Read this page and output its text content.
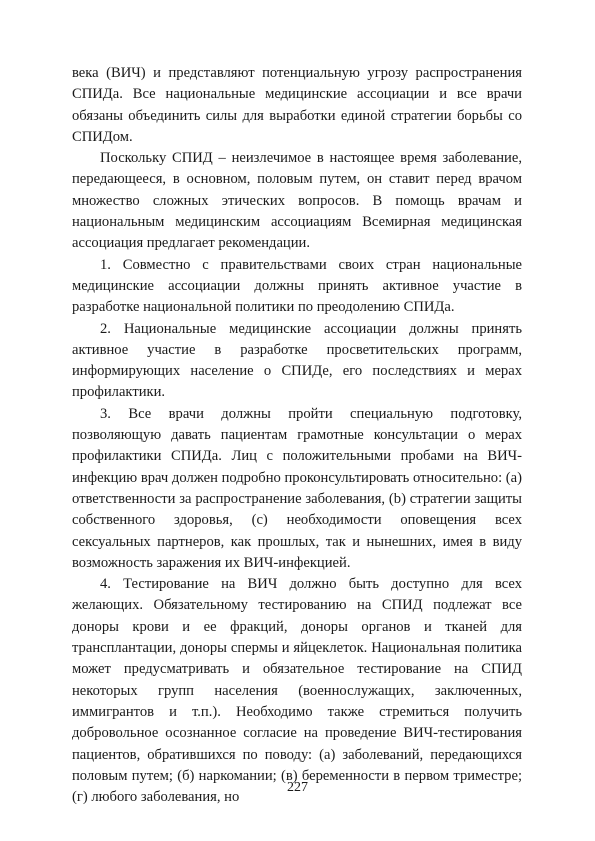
века (ВИЧ) и представляют потенциальную угрозу распространения СПИДа. Все национальные медицинские ассоциации и все врачи обязаны объединить силы для выработки единой стратегии борьбы со СПИДом.

Поскольку СПИД – неизлечимое в настоящее время заболевание, передающееся, в основном, половым путем, он ставит перед врачом множество сложных этических вопросов. В помощь врачам и национальным медицинским ассоциациям Всемирная медицинская ассоциация предлагает рекомендации.

1. Совместно с правительствами своих стран национальные медицинские ассоциации должны принять активное участие в разработке национальной политики по преодолению СПИДа.

2. Национальные медицинские ассоциации должны принять активное участие в разработке просветительских программ, информирующих население о СПИДе, его последствиях и мерах профилактики.

3. Все врачи должны пройти специальную подготовку, позволяющую давать пациентам грамотные консультации о мерах профилактики СПИДа. Лиц с положительными пробами на ВИЧ-инфекцию врач должен подробно проконсультировать относительно: (а) ответственности за распространение заболевания, (b) стратегии защиты собственного здоровья, (с) необходимости оповещения всех сексуальных партнеров, как прошлых, так и нынешних, имея в виду возможность заражения их ВИЧ-инфекцией.

4. Тестирование на ВИЧ должно быть доступно для всех желающих. Обязательному тестированию на СПИД подлежат все доноры крови и ее фракций, доноры органов и тканей для трансплантации, доноры спермы и яйцеклеток. Национальная политика может предусматривать и обязательное тестирование на СПИД некоторых групп населения (военнослужащих, заключенных, иммигрантов и т.п.). Необходимо также стремиться получить добровольное осознанное согласие на проведение ВИЧ-тестирования пациентов, обратившихся по поводу: (а) заболеваний, передающихся половым путем; (б) наркомании; (в) беременности в первом триместре; (г) любого заболевания, но

227
